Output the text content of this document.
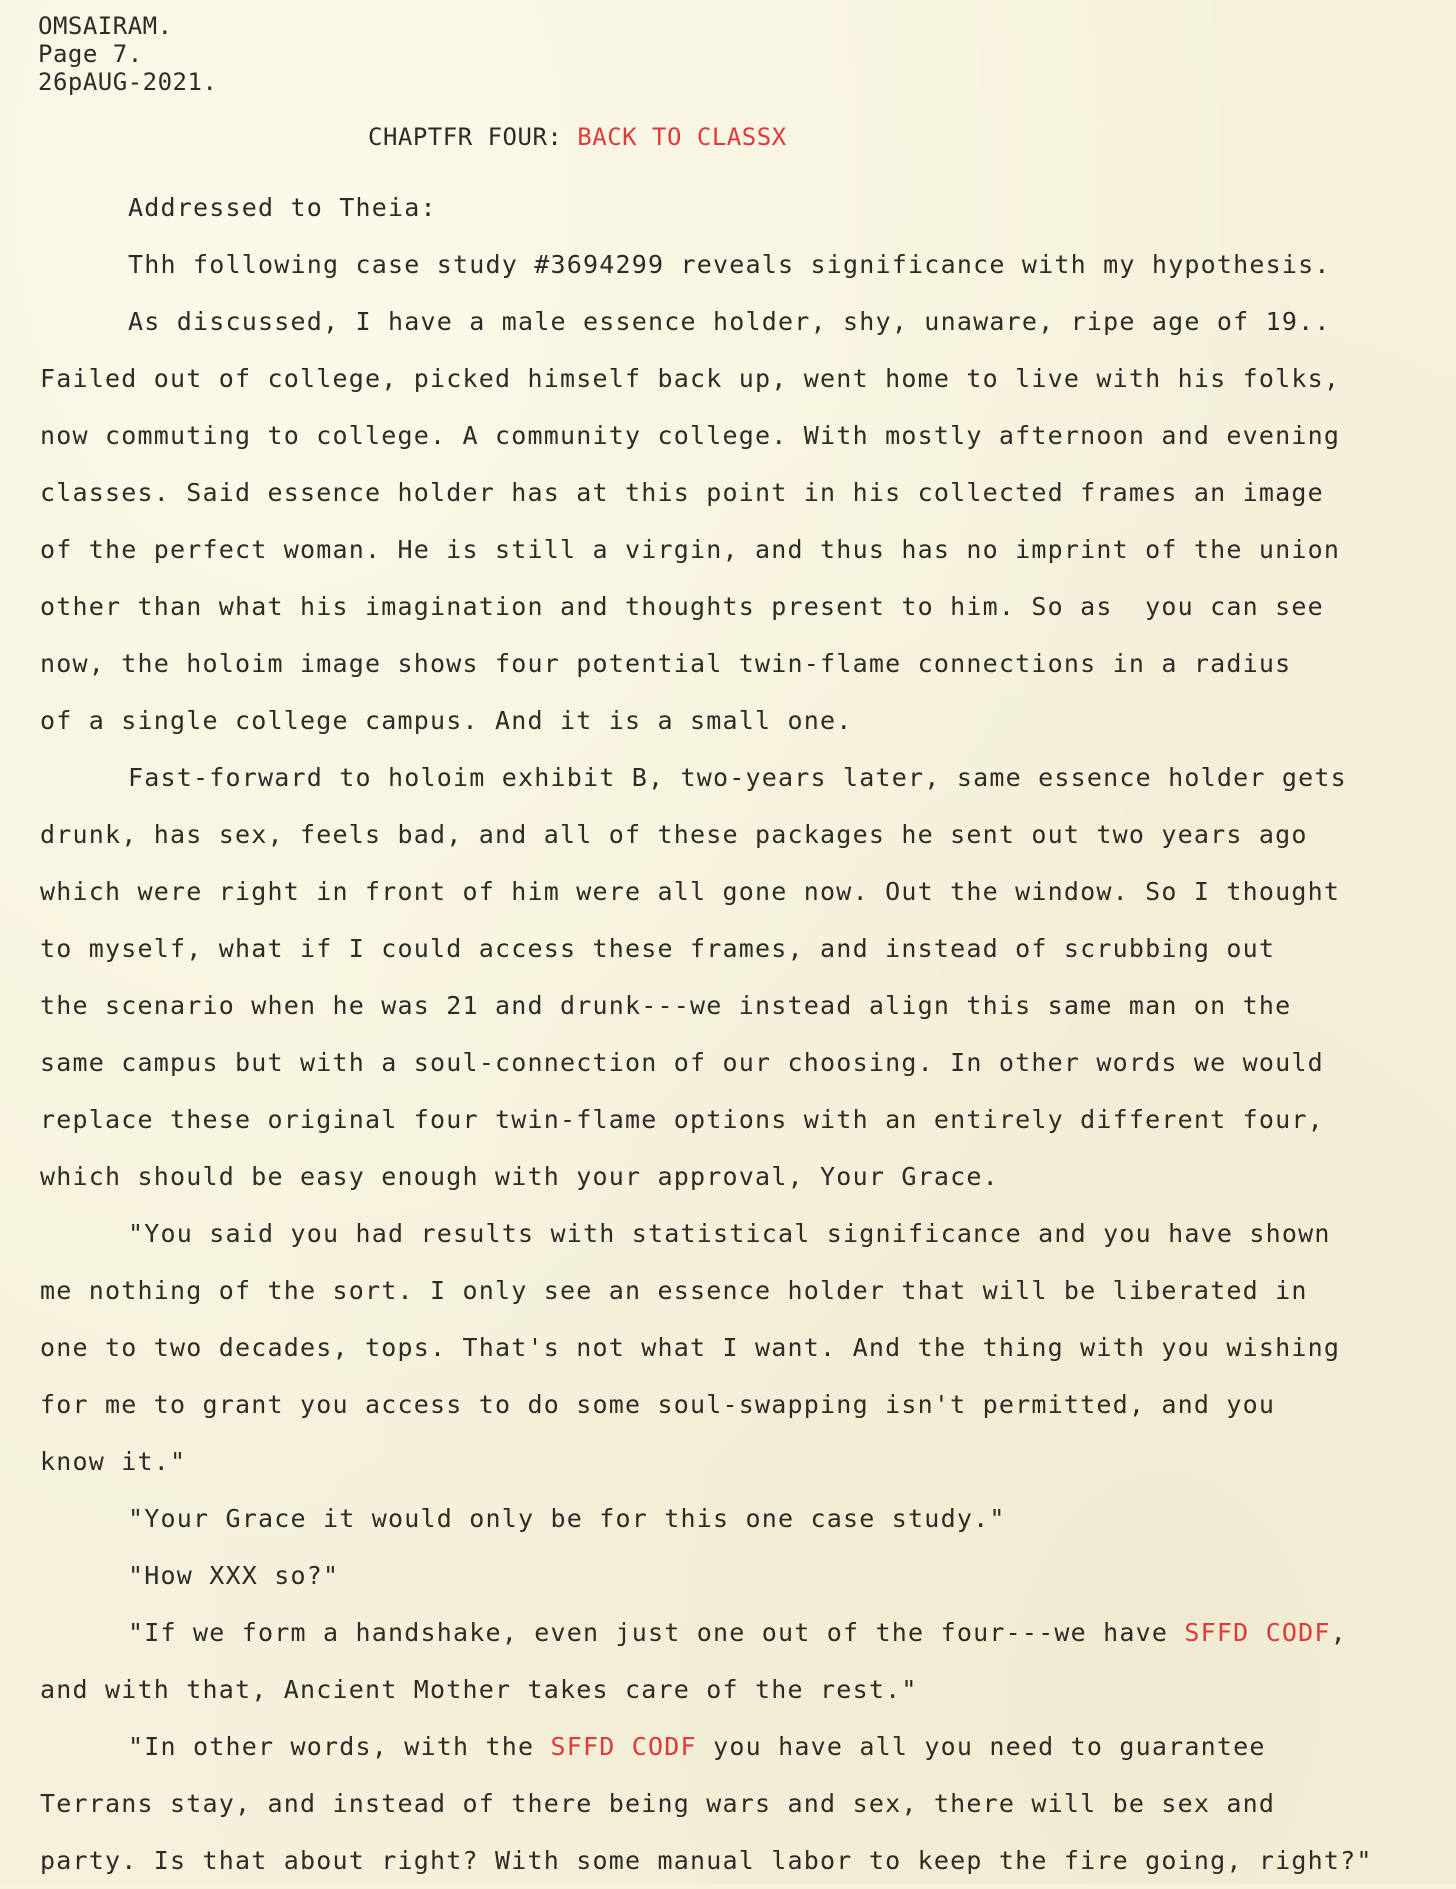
OMSAIRAM.
Page 7.
26pAUG-2021.
CHAPTFR FOUR: BACK TO CLASSX
Addressed to Theia:
Thh following case study #3694299 reveals significance with my hypothesis.
As discussed, I have a male essence holder, shy, unaware, ripe age of 19..
Failed out of college, picked himself back up, went home to live with his folks,
now commuting to college. A community college. With mostly afternoon and evening
classes. Said essence holder has at this point in his collected frames an image
of the perfect woman. He is still a virgin, and thus has no imprint of the union
other than what his imagination and thoughts present to him. So as  you can see
now, the holoim image shows four potential twin-flame connections in a radius
of a single college campus. And it is a small one.
Fast-forward to holoim exhibit B, two-years later, same essence holder gets
drunk, has sex, feels bad, and all of these packages he sent out two years ago
which were right in front of him were all gone now. Out the window. So I thought
to myself, what if I could access these frames, and instead of scrubbing out
the scenario when he was 21 and drunk---we instead align this same man on the
same campus but with a soul-connection of our choosing. In other words we would
replace these original four twin-flame options with an entirely different four,
which should be easy enough with your approval, Your Grace.
"You said you had results with statistical significance and you have shown
me nothing of the sort. I only see an essence holder that will be liberated in
one to two decades, tops. That's not what I want. And the thing with you wishing
for me to grant you access to do some soul-swapping isn't permitted, and you
know it."
"Your Grace it would only be for this one case study."
"How XXX so?"
"If we form a handshake, even just one out of the four---we have SFFD CODF,
and with that, Ancient Mother takes care of the rest."
"In other words, with the SFFD CODF you have all you need to guarantee
Terrans stay, and instead of there being wars and sex, there will be sex and
party. Is that about right? With some manual labor to keep the fire going, right?"
